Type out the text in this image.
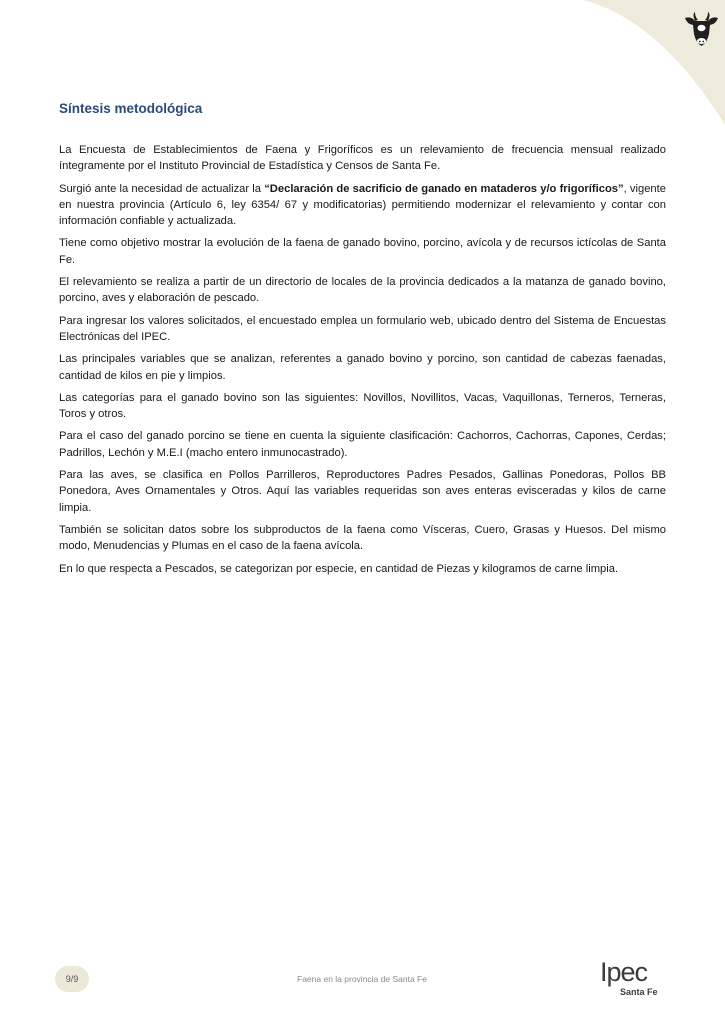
Síntesis metodológica

La Encuesta de Establecimientos de Faena y Frigoríficos es un relevamiento de frecuencia mensual realizado íntegramente por el Instituto Provincial de Estadística y Censos de Santa Fe.

Surgió ante la necesidad de actualizar la “Declaración de sacrificio de ganado en mataderos y/o frigoríficos”, vigente en nuestra provincia (Artículo 6, ley 6354/ 67 y modificatorias) permitiendo modernizar el relevamiento y contar con información confiable y actualizada.

Tiene como objetivo mostrar la evolución de la faena de ganado bovino, porcino, avícola y de recursos ictícolas de Santa Fe.

El relevamiento se realiza a partir de un directorio de locales de la provincia dedicados a la matanza de ganado bovino, porcino, aves y elaboración de pescado.

Para ingresar los valores solicitados, el encuestado emplea un formulario web, ubicado dentro del Sistema de Encuestas Electrónicas del IPEC.

Las principales variables que se analizan, referentes a ganado bovino y porcino, son cantidad de cabezas faenadas, cantidad de kilos en pie y limpios.

Las categorías para el ganado bovino son las siguientes: Novillos, Novillitos, Vacas, Vaquillonas, Terneros, Terneras, Toros y otros.

Para el caso del ganado porcino se tiene en cuenta la siguiente clasificación: Cachorros, Cachorras, Capones, Cerdas; Padrillos, Lechón y M.E.I (macho entero inmunocastrado).

Para las aves, se clasifica en Pollos Parrilleros, Reproductores Padres Pesados, Gallinas Ponedoras, Pollos BB Ponedora, Aves Ornamentales y Otros. Aquí las variables requeridas son aves enteras evisceradas y kilos de carne limpia.

También se solicitan datos sobre los subproductos de la faena como Vísceras, Cuero, Grasas y Huesos. Del mismo modo, Menudencias y Plumas en el caso de la faena avícola.

En lo que respecta a Pescados, se categorizan por especie, en cantidad de Piezas y kilogramos de carne limpia.

9/9	Faena en la provincia de Santa Fe	Ipec
Santa Fe
